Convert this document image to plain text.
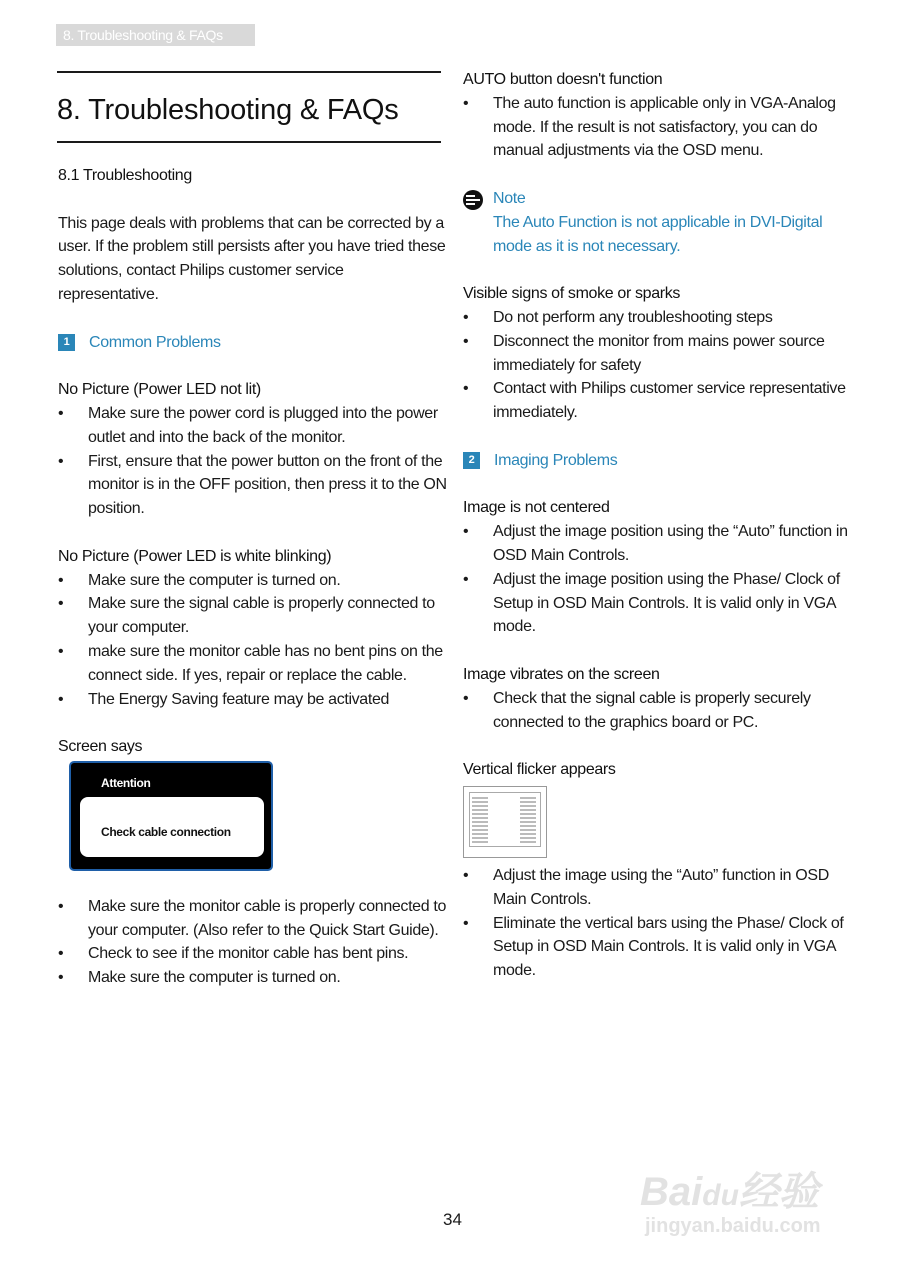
8. Troubleshooting & FAQs
8. Troubleshooting & FAQs
8.1 Troubleshooting
This page deals with problems that can be corrected by a user. If the problem still persists after you have tried these solutions, contact Philips customer service representative.
1	Common Problems
No Picture (Power LED not lit)
• Make sure the power cord is plugged into the power outlet and into the back of the monitor.
• First, ensure that the power button on the front of the monitor is in the OFF position, then press it to the ON position.
No Picture (Power LED is white blinking)
• Make sure the computer is turned on.
• Make sure the signal cable is properly connected to your computer.
• make sure the monitor cable has no bent pins on the connect side. If yes, repair or replace the cable.
• The Energy Saving feature may be activated
Screen says
Attention
Check cable connection
• Make sure the monitor cable is properly connected to your computer. (Also refer to the Quick Start Guide).
• Check to see if the monitor cable has bent pins.
• Make sure the computer is turned on.
AUTO button doesn't function
• The auto function is applicable only in VGA-Analog mode. If the result is not satisfactory, you can do manual adjustments via the OSD menu.
Note
The Auto Function is not applicable in DVI-Digital mode as it is not necessary.
Visible signs of smoke or sparks
• Do not perform any troubleshooting steps
• Disconnect the monitor from mains power source immediately for safety
• Contact with Philips customer service representative immediately.
2	Imaging Problems
Image is not centered
• Adjust the image position using the “Auto” function in OSD Main Controls.
• Adjust the image position using the Phase/ Clock of Setup in OSD Main Controls. It is valid only in VGA mode.
Image vibrates on the screen
• Check that the signal cable is properly securely connected to the graphics board or PC.
Vertical flicker appears
• Adjust the image using the “Auto” function in OSD Main Controls.
• Eliminate the vertical bars using the Phase/ Clock of Setup in OSD Main Controls. It is valid only in VGA mode.
Baidu经验
jingyan.baidu.com
34
